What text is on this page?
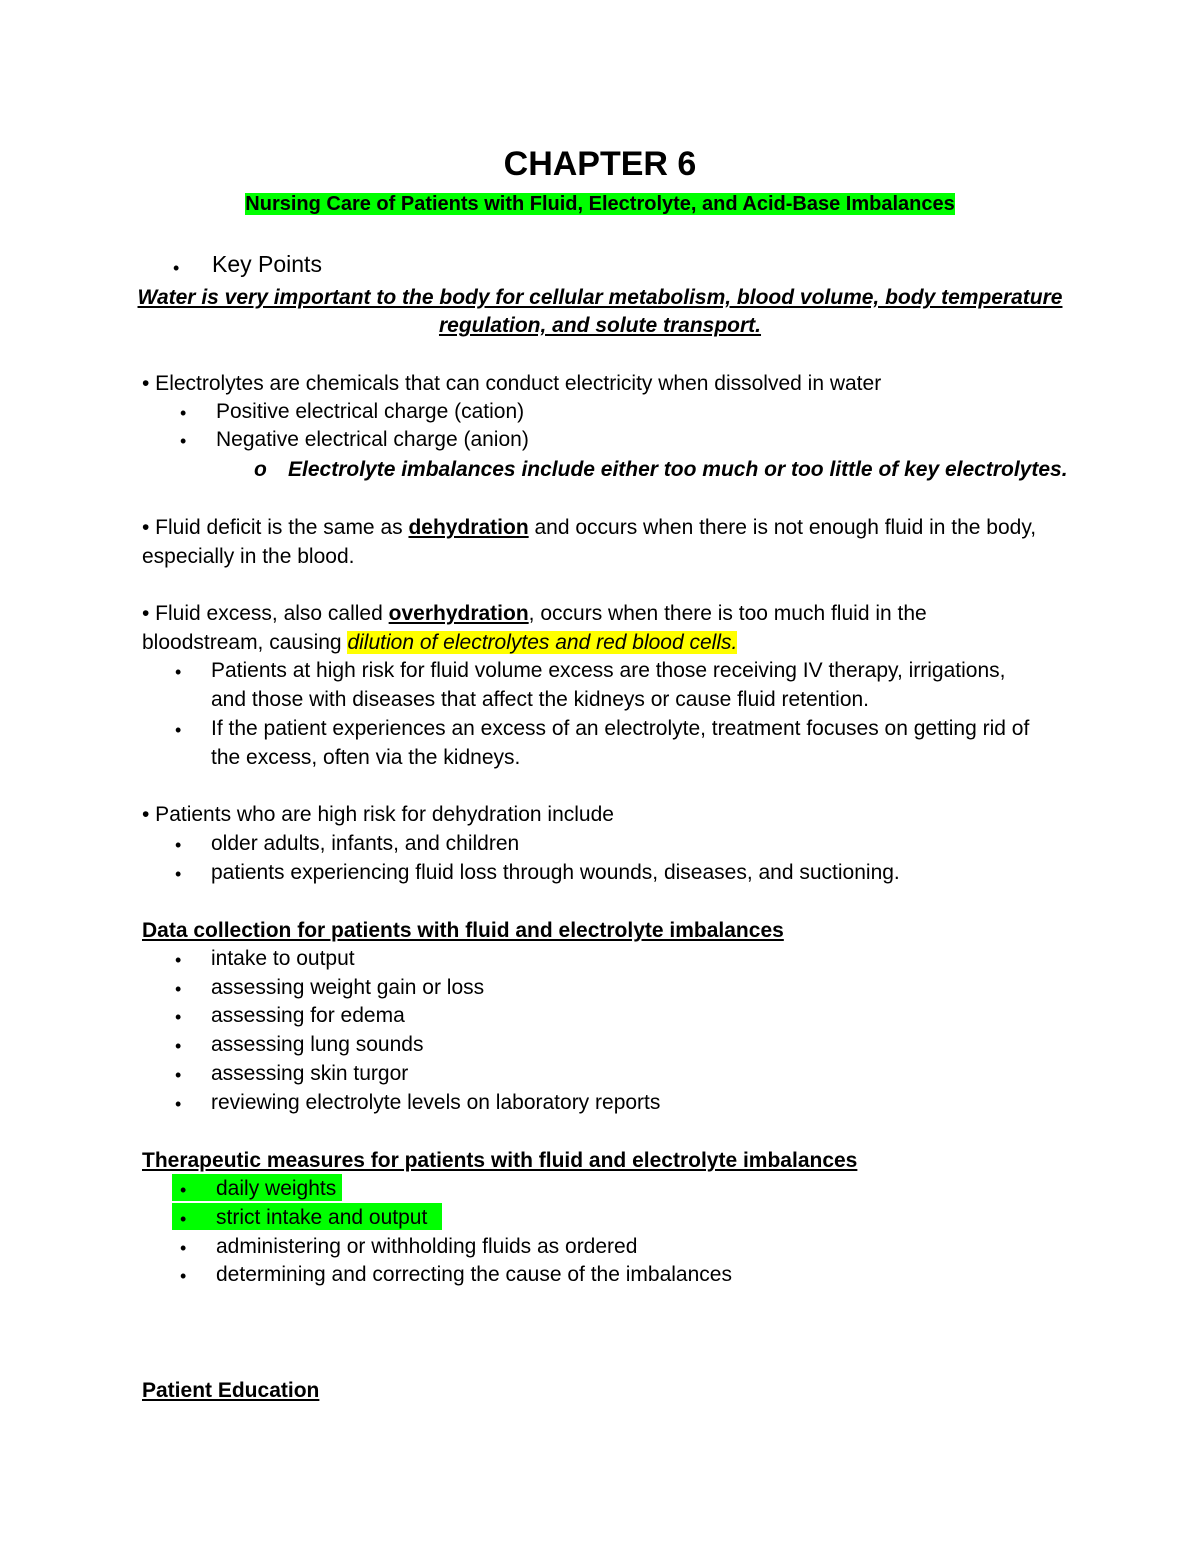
CHAPTER 6
Nursing Care of Patients with Fluid, Electrolyte, and Acid-Base Imbalances
• Key Points
Water is very important to the body for cellular metabolism, blood volume, body temperature
regulation, and solute transport.
• Electrolytes are chemicals that can conduct electricity when dissolved in water
• Positive electrical charge (cation)
• Negative electrical charge (anion)
o Electrolyte imbalances include either too much or too little of key electrolytes.
• Fluid deficit is the same as dehydration and occurs when there is not enough fluid in the body,
especially in the blood.
• Fluid excess, also called overhydration, occurs when there is too much fluid in the
bloodstream, causing dilution of electrolytes and red blood cells.
• Patients at high risk for fluid volume excess are those receiving IV therapy, irrigations,
and those with diseases that affect the kidneys or cause fluid retention.
• If the patient experiences an excess of an electrolyte, treatment focuses on getting rid of
the excess, often via the kidneys.
• Patients who are high risk for dehydration include
• older adults, infants, and children
• patients experiencing fluid loss through wounds, diseases, and suctioning.
Data collection for patients with fluid and electrolyte imbalances
• intake to output
• assessing weight gain or loss
• assessing for edema
• assessing lung sounds
• assessing skin turgor
• reviewing electrolyte levels on laboratory reports
Therapeutic measures for patients with fluid and electrolyte imbalances
• daily weights
• strict intake and output
• administering or withholding fluids as ordered
• determining and correcting the cause of the imbalances
Patient Education
